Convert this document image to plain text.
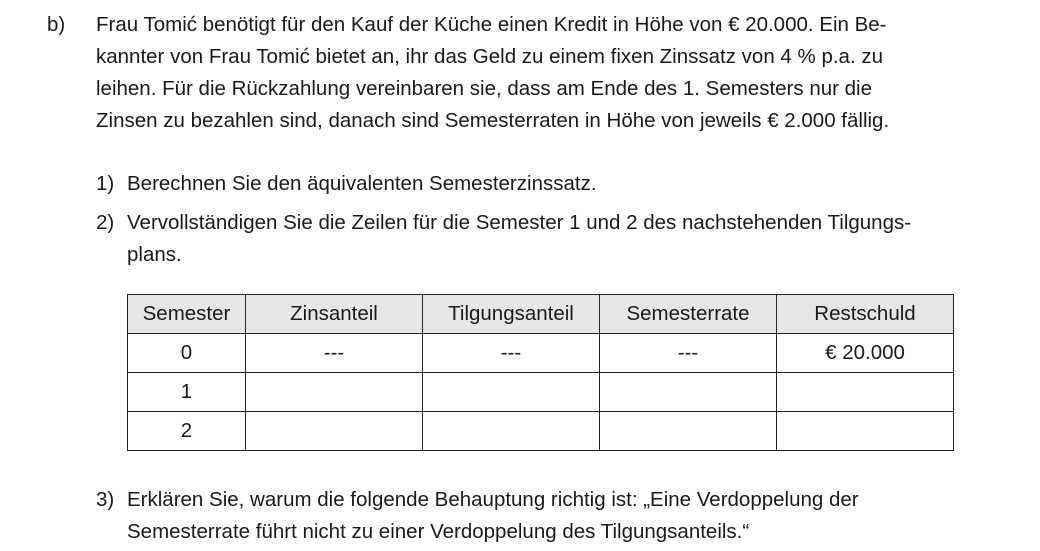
b) Frau Tomić benötigt für den Kauf der Küche einen Kredit in Höhe von € 20.000. Ein Be-
kannter von Frau Tomić bietet an, ihr das Geld zu einem fixen Zinssatz von 4 % p.a. zu
leihen. Für die Rückzahlung vereinbaren sie, dass am Ende des 1. Semesters nur die
Zinsen zu bezahlen sind, danach sind Semesterraten in Höhe von jeweils € 2.000 fällig.
1) Berechnen Sie den äquivalenten Semesterzinssatz.
2) Vervollständigen Sie die Zeilen für die Semester 1 und 2 des nachstehenden Tilgungs-
plans.
Semester	Zinsanteil	Tilgungsanteil	Semesterrate	Restschuld
0	---	---	---	€ 20.000
1				
2				
3) Erklären Sie, warum die folgende Behauptung richtig ist: „Eine Verdoppelung der
Semesterrate führt nicht zu einer Verdoppelung des Tilgungsanteils.“
